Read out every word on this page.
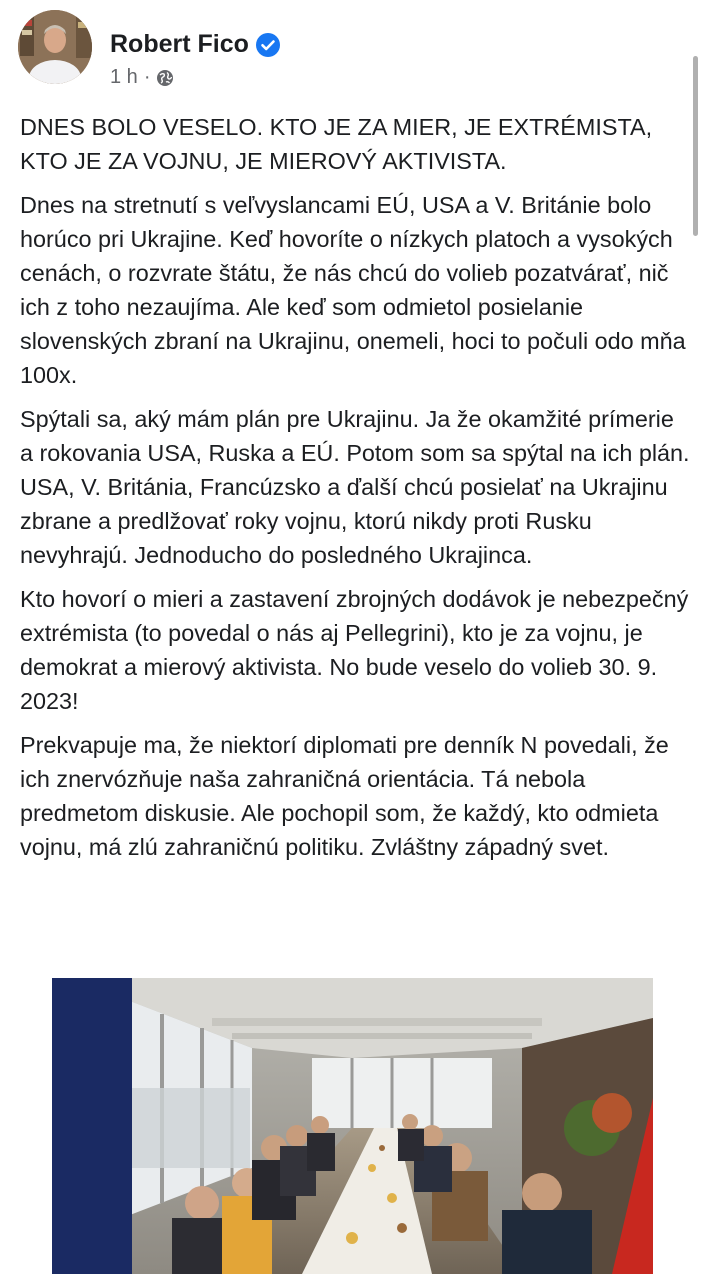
Robert Fico
1 h ·

DNES BOLO VESELO. KTO JE ZA MIER, JE EXTRÉMISTA, KTO JE ZA VOJNU, JE MIEROVÝ AKTIVISTA.

Dnes na stretnutí s veľvyslancami EÚ, USA a V. Británie bolo horúco pri Ukrajine. Keď hovoríte o nízkych platoch a vysokých cenách, o rozvrate štátu, že nás chcú do volieb pozatvárať, nič ich z toho nezaujíma. Ale keď som odmietol posielanie slovenských zbraní na Ukrajinu, onemeli, hoci to počuli odo mňa 100x.

Spýtali sa, aký mám plán pre Ukrajinu. Ja že okamžité prímerie a rokovania USA, Ruska a EÚ. Potom som sa spýtal na ich plán. USA, V. Británia, Francúzsko a ďalší chcú posielať na Ukrajinu zbrane a predlžovať roky vojnu, ktorú nikdy proti Rusku nevyhrajú. Jednoducho do posledného Ukrajinca.

Kto hovorí o mieri a zastavení zbrojných dodávok je nebezpečný extrémista (to povedal o nás aj Pellegrini), kto je za vojnu, je demokrat a mierový aktivista. No bude veselo do volieb 30. 9. 2023!

Prekvapuje ma, že niektorí diplomati pre denník N povedali, že ich znervózňuje naša zahraničná orientácia. Tá nebola predmetom diskusie. Ale pochopil som, že každý, kto odmieta vojnu, má zlú zahraničnú politiku. Zvláštny západný svet.
